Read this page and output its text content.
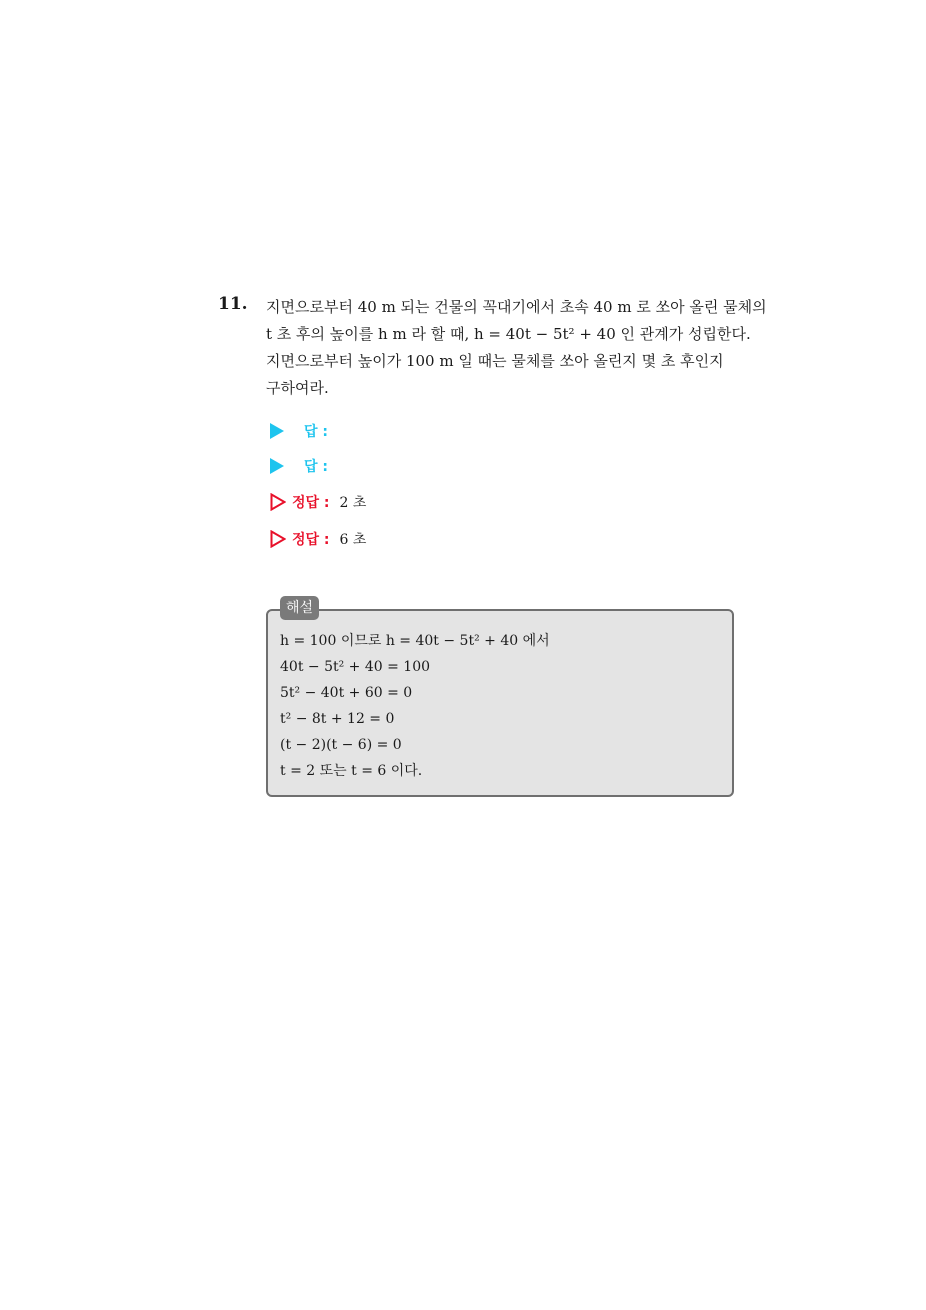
11. 지면으로부터 40 m 되는 건물의 꼭대기에서 초속 40 m 로 쏘아 올린 물체의
t 초 후의 높이를 h m 라 할 때, h = 40t − 5t² + 40 인 관계가 성립한다.
지면으로부터 높이가 100 m 일 때는 물체를 쏘아 올린지 몇 초 후인지
구하여라.
답 :
답 :
정답 : 2 초
정답 : 6 초
해설
h = 100 이므로 h = 40t − 5t² + 40 에서
40t − 5t² + 40 = 100
5t² − 40t + 60 = 0
t² − 8t + 12 = 0
(t − 2)(t − 6) = 0
t = 2 또는 t = 6 이다.
